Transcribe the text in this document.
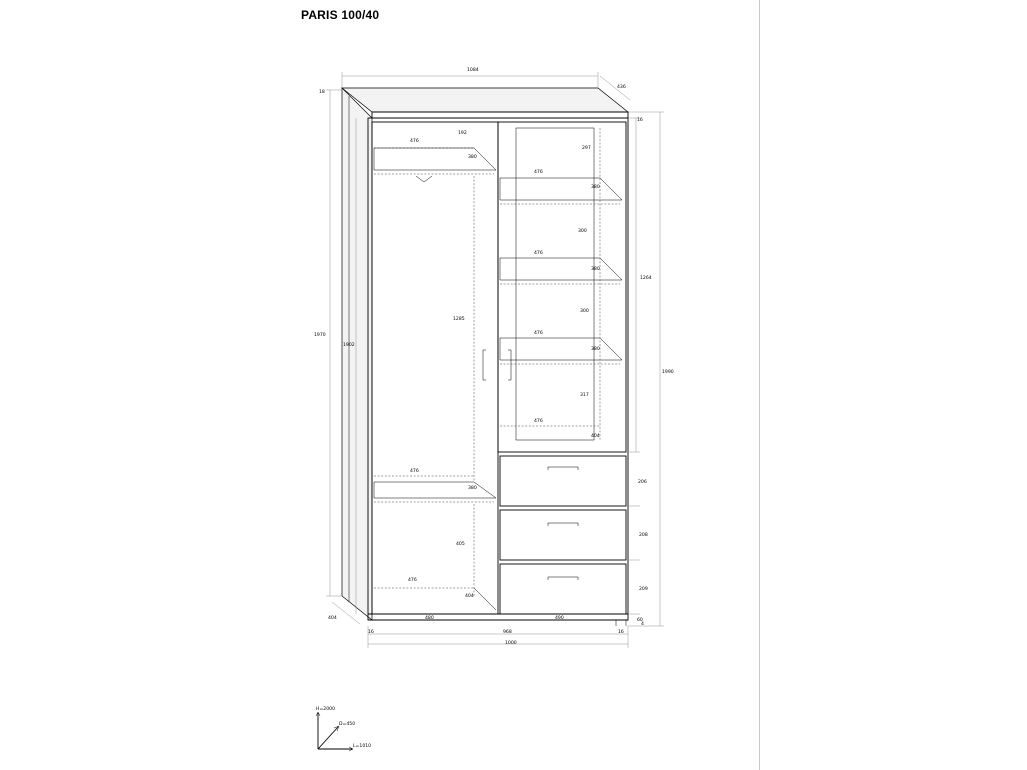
PARIS 100/40
1084
436
18
16
1970
1902
1264
1990
404
16	16
968
1000
60
4
480	490
476
192
380
1285
476
380
405
476
404
297
476
380
300
476
380
300
476
380
317
476
404
206
208
209
H=2000
D=450
L=1010
